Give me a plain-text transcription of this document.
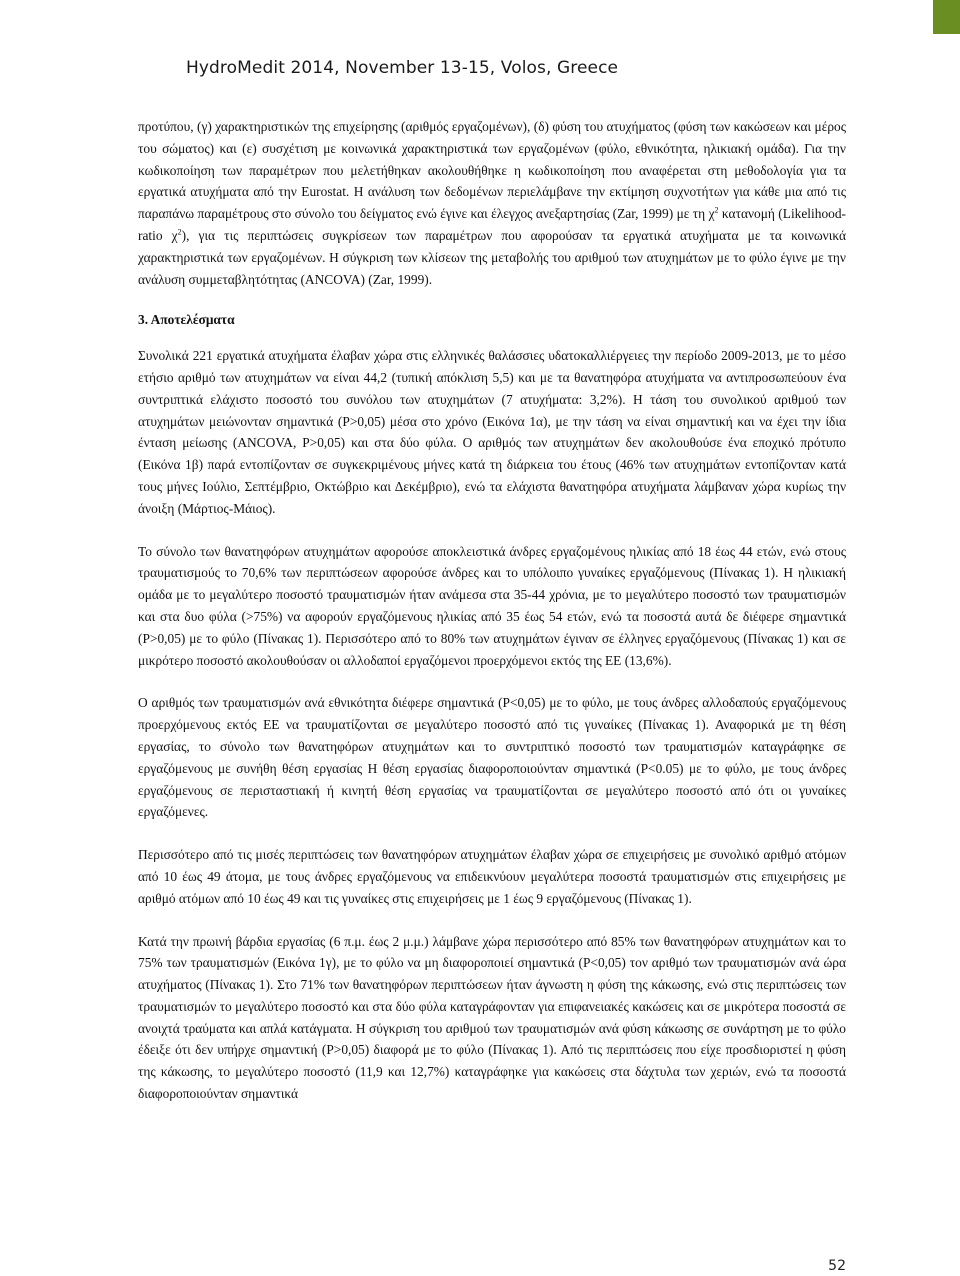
HydroMedit 2014, November 13-15, Volos, Greece

προτύπου, (γ) χαρακτηριστικών της επιχείρησης (αριθμός εργαζομένων), (δ) φύση του ατυχήματος (φύση των κακώσεων και μέρος του σώματος) και (ε) συσχέτιση με κοινωνικά χαρακτηριστικά των εργαζομένων (φύλο, εθνικότητα, ηλικιακή ομάδα). Για την κωδικοποίηση των παραμέτρων που μελετήθηκαν ακολουθήθηκε η κωδικοποίηση που αναφέρεται στη μεθοδολογία για τα εργατικά ατυχήματα από την Eurostat. Η ανάλυση των δεδομένων περιελάμβανε την εκτίμηση συχνοτήτων για κάθε μια από τις παραπάνω παραμέτρους στο σύνολο του δείγματος ενώ έγινε και έλεγχος ανεξαρτησίας (Zar, 1999) με τη $\chi^2$ κατανομή (Likelihood-ratio $\chi^2$), για τις περιπτώσεις συγκρίσεων των παραμέτρων που αφορούσαν τα εργατικά ατυχήματα με τα κοινωνικά χαρακτηριστικά των εργαζομένων. Η σύγκριση των κλίσεων της μεταβολής του αριθμού των ατυχημάτων με το φύλο έγινε με την ανάλυση συμμεταβλητότητας (ANCOVA) (Zar, 1999).

3. Αποτελέσματα

Συνολικά 221 εργατικά ατυχήματα έλαβαν χώρα στις ελληνικές θαλάσσιες υδατοκαλλιέργειες την περίοδο 2009-2013, με το μέσο ετήσιο αριθμό των ατυχημάτων να είναι 44,2 (τυπική απόκλιση 5,5) και με τα θανατηφόρα ατυχήματα να αντιπροσωπεύουν ένα συντριπτικά ελάχιστο ποσοστό του συνόλου των ατυχημάτων (7 ατυχήματα: 3,2%). Η τάση του συνολικού αριθμού των ατυχημάτων μειώνονταν σημαντικά (P>0,05) μέσα στο χρόνο (Εικόνα 1α), με την τάση να είναι σημαντική και να έχει την ίδια ένταση μείωσης (ANCOVA, P>0,05) και στα δύο φύλα. Ο αριθμός των ατυχημάτων δεν ακολουθούσε ένα εποχικό πρότυπο (Εικόνα 1β) παρά εντοπίζονταν σε συγκεκριμένους μήνες κατά τη διάρκεια του έτους (46% των ατυχημάτων εντοπίζονταν κατά τους μήνες Ιούλιο, Σεπτέμβριο, Οκτώβριο και Δεκέμβριο), ενώ τα ελάχιστα θανατηφόρα ατυχήματα λάμβαναν χώρα κυρίως την άνοιξη (Μάρτιος-Μάιος).

Το σύνολο των θανατηφόρων ατυχημάτων αφορούσε αποκλειστικά άνδρες εργαζομένους ηλικίας από 18 έως 44 ετών, ενώ στους τραυματισμούς το 70,6% των περιπτώσεων αφορούσε άνδρες και το υπόλοιπο γυναίκες εργαζόμενους (Πίνακας 1). Η ηλικιακή ομάδα με το μεγαλύτερο ποσοστό τραυματισμών ήταν ανάμεσα στα 35-44 χρόνια, με το μεγαλύτερο ποσοστό των τραυματισμών και στα δυο φύλα (>75%) να αφορούν εργαζόμενους ηλικίας από 35 έως 54 ετών, ενώ τα ποσοστά αυτά δε διέφερε σημαντικά (P>0,05) με το φύλο (Πίνακας 1). Περισσότερο από το 80% των ατυχημάτων έγιναν σε έλληνες εργαζόμενους (Πίνακας 1) και σε μικρότερο ποσοστό ακολουθούσαν οι αλλοδαποί εργαζόμενοι προερχόμενοι εκτός της ΕΕ (13,6%).

Ο αριθμός των τραυματισμών ανά εθνικότητα διέφερε σημαντικά (P<0,05) με το φύλο, με τους άνδρες αλλοδαπούς εργαζόμενους προερχόμενους εκτός ΕΕ να τραυματίζονται σε μεγαλύτερο ποσοστό από τις γυναίκες (Πίνακας 1). Αναφορικά με τη θέση εργασίας, το σύνολο των θανατηφόρων ατυχημάτων και το συντριπτικό ποσοστό των τραυματισμών καταγράφηκε σε εργαζόμενους με συνήθη θέση εργασίας Η θέση εργασίας διαφοροποιούνταν σημαντικά (P<0.05) με το φύλο, με τους άνδρες εργαζόμενους σε περισταστιακή ή κινητή θέση εργασίας να τραυματίζονται σε μεγαλύτερο ποσοστό από ότι οι γυναίκες εργαζόμενες.

Περισσότερο από τις μισές περιπτώσεις των θανατηφόρων ατυχημάτων έλαβαν χώρα σε επιχειρήσεις με συνολικό αριθμό ατόμων από 10 έως 49 άτομα, με τους άνδρες εργαζόμενους να επιδεικνύουν μεγαλύτερα ποσοστά τραυματισμών στις επιχειρήσεις με αριθμό ατόμων από 10 έως 49 και τις γυναίκες στις επιχειρήσεις με 1 έως 9 εργαζόμενους (Πίνακας 1).

Κατά την πρωινή βάρδια εργασίας (6 π.μ. έως 2 μ.μ.) λάμβανε χώρα περισσότερο από 85% των θανατηφόρων ατυχημάτων και το 75% των τραυματισμών (Εικόνα 1γ), με το φύλο να μη διαφοροποιεί σημαντικά (P<0,05) τον αριθμό των τραυματισμών ανά ώρα ατυχήματος (Πίνακας 1). Στο 71% των θανατηφόρων περιπτώσεων ήταν άγνωστη η φύση της κάκωσης, ενώ στις περιπτώσεις των τραυματισμών το μεγαλύτερο ποσοστό και στα δύο φύλα καταγράφονταν για επιφανειακές κακώσεις και σε μικρότερα ποσοστά σε ανοιχτά τραύματα και απλά κατάγματα. Η σύγκριση του αριθμού των τραυματισμών ανά φύση κάκωσης σε συνάρτηση με το φύλο έδειξε ότι δεν υπήρχε σημαντική (P>0,05) διαφορά με το φύλο (Πίνακας 1). Από τις περιπτώσεις που είχε προσδιοριστεί η φύση της κάκωσης, το μεγαλύτερο ποσοστό (11,9 και 12,7%) καταγράφηκε για κακώσεις στα δάχτυλα των χεριών, ενώ τα ποσοστά διαφοροποιούνταν σημαντικά

52
